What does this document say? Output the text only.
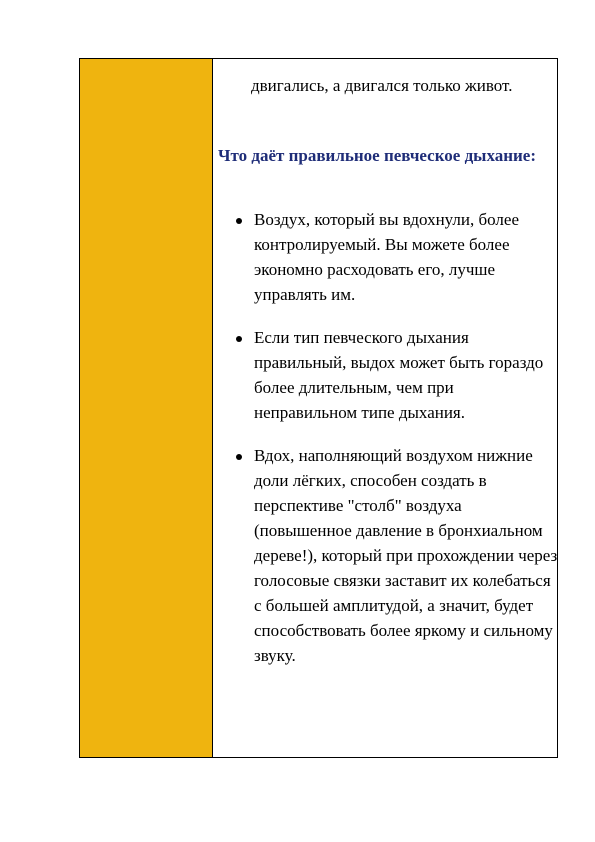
двигались, а двигался только живот.

Что даёт правильное певческое дыхание:
Воздух, который вы вдохнули, более контролируемый. Вы можете более экономно расходовать его, лучше управлять им.
Если тип певческого дыхания правильный, выдох может быть гораздо более длительным, чем при неправильном типе дыхания.
Вдох, наполняющий воздухом нижние доли лёгких, способен создать в перспективе "столб" воздуха (повышенное давление в бронхиальном дереве!), который при прохождении через голосовые связки заставит их колебаться с большей амплитудой, а значит, будет способствовать более яркому и сильному звуку.
